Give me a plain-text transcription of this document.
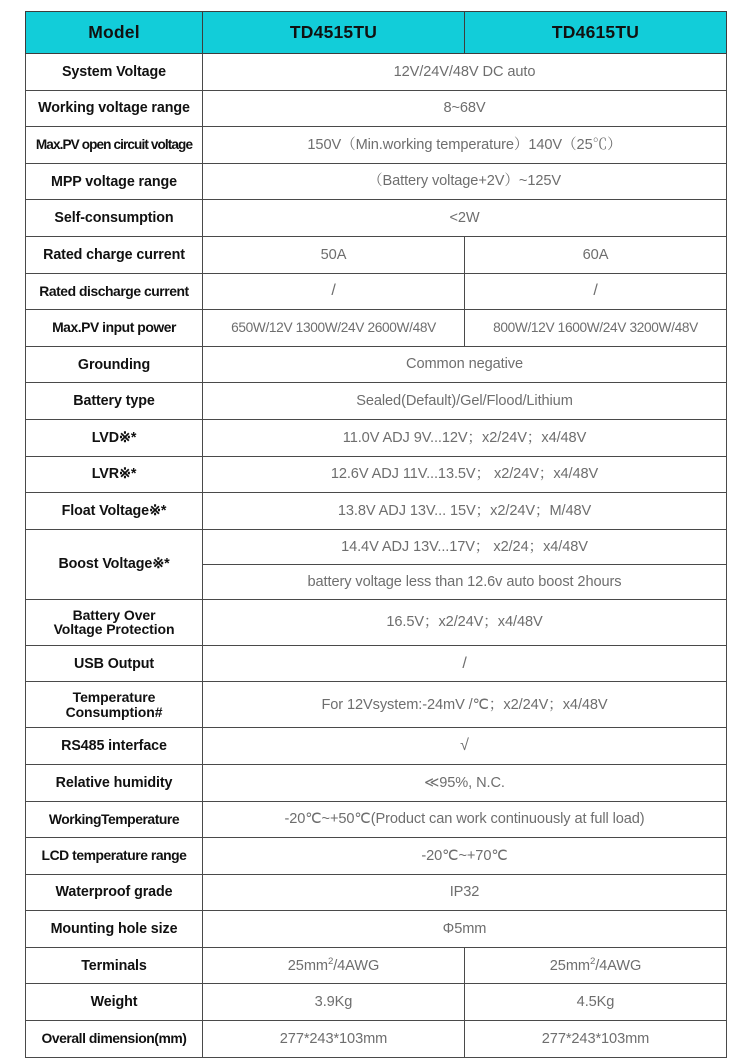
Model	TD4515TU	TD4615TU
System Voltage	12V/24V/48V DC auto	
Working voltage range	8~68V	
Max.PV open circuit voltage	150V（Min.working temperature）140V（25℃）	
MPP voltage range	（Battery voltage+2V）~125V	
Self-consumption	<2W	
Rated charge current	50A	60A
Rated discharge current	/	/
Max.PV input power	650W/12V 1300W/24V 2600W/48V	800W/12V 1600W/24V 3200W/48V
Grounding	Common negative	
Battery type	Sealed(Default)/Gel/Flood/Lithium	
LVD※*	11.0V ADJ 9V...12V；x2/24V；x4/48V	
LVR※*	12.6V ADJ 11V...13.5V； x2/24V；x4/48V	
Float Voltage※*	13.8V ADJ 13V... 15V；x2/24V；M/48V	
Boost Voltage※*	14.4V ADJ 13V...17V； x2/24；x4/48V	
	battery voltage less than 12.6v auto boost 2hours	
Battery Over
Voltage Protection	16.5V；x2/24V；x4/48V	
USB Output	/	
Temperature
Consumption#	For 12Vsystem:-24mV /℃；x2/24V；x4/48V	
RS485 interface	√	
Relative humidity	≪95%, N.C.	
WorkingTemperature	-20℃~+50℃(Product can work continuously at full load)	
LCD temperature range	-20℃~+70℃	
Waterproof grade	IP32	
Mounting hole size	Φ5mm	
Terminals	$25mm^2/4AWG$	$25mm^2/4AWG$
Weight	3.9Kg	4.5Kg
Overall dimension(mm)	277*243*103mm	277*243*103mm
